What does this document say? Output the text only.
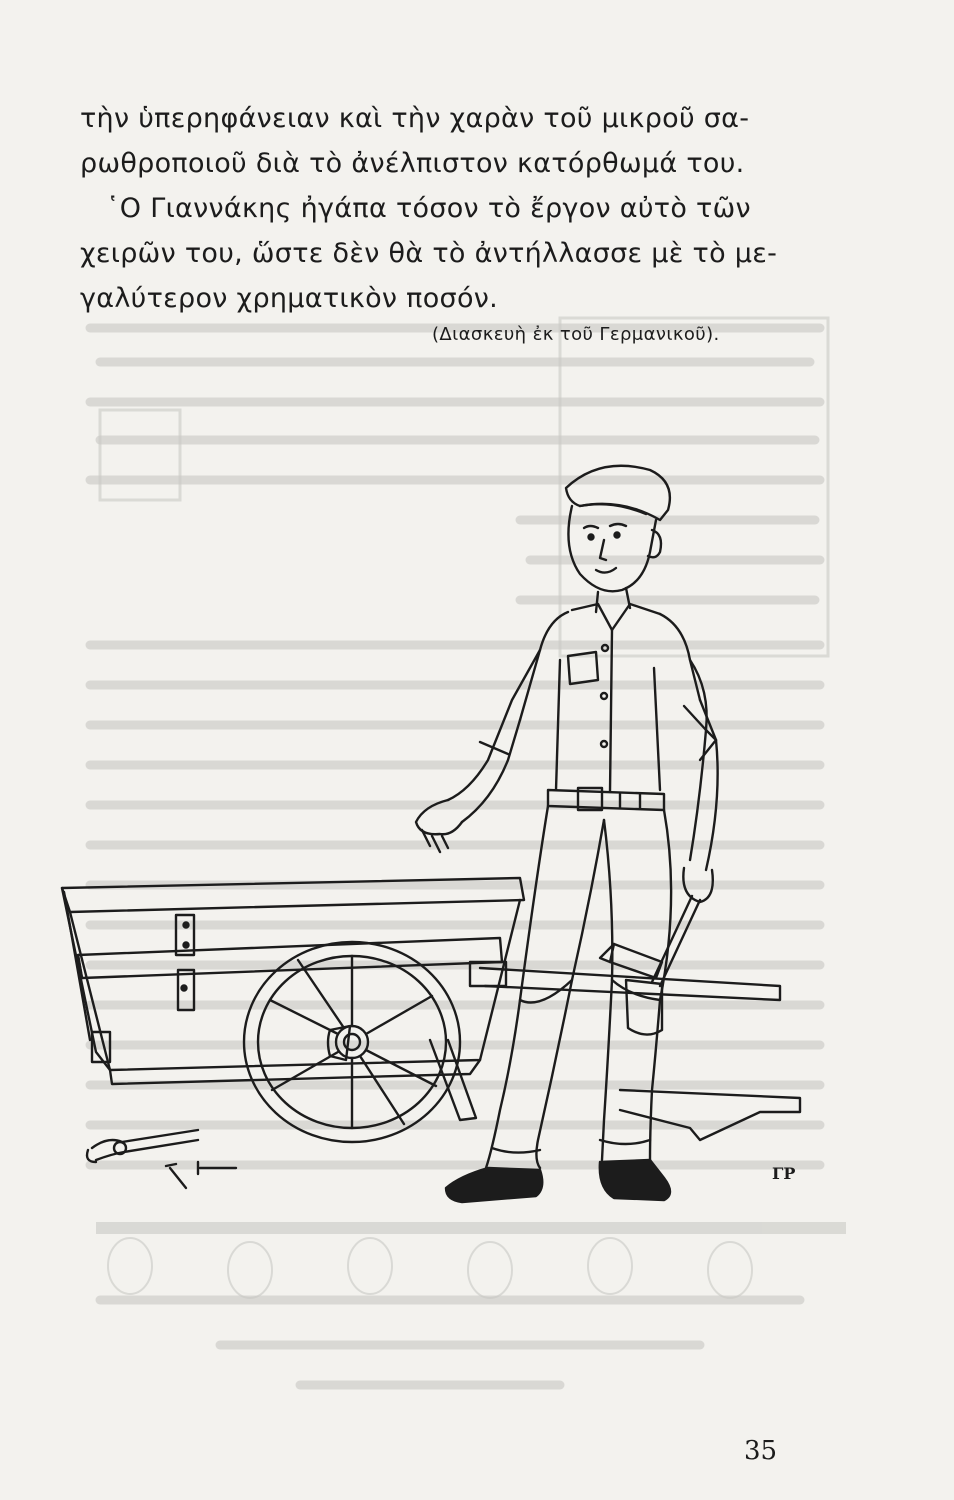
τὴν ὑπερηφάνειαν καὶ τὴν χαρὰν τοῦ μικροῦ σα-
ρωθροποιοῦ διὰ τὸ ἀνέλπιστον κατόρθωμά του.
῾Ο Γιαννάκης ἠγάπα τόσον τὸ ἔργον αὐτὸ τῶν
χειρῶν του, ὥστε δὲν θὰ τὸ ἀντήλλασσε μὲ τὸ με-
γαλύτερον χρηματικὸν ποσόν.
(Διασκευὴ ἐκ τοῦ Γερμανικοῦ).
ΓΡ
35
